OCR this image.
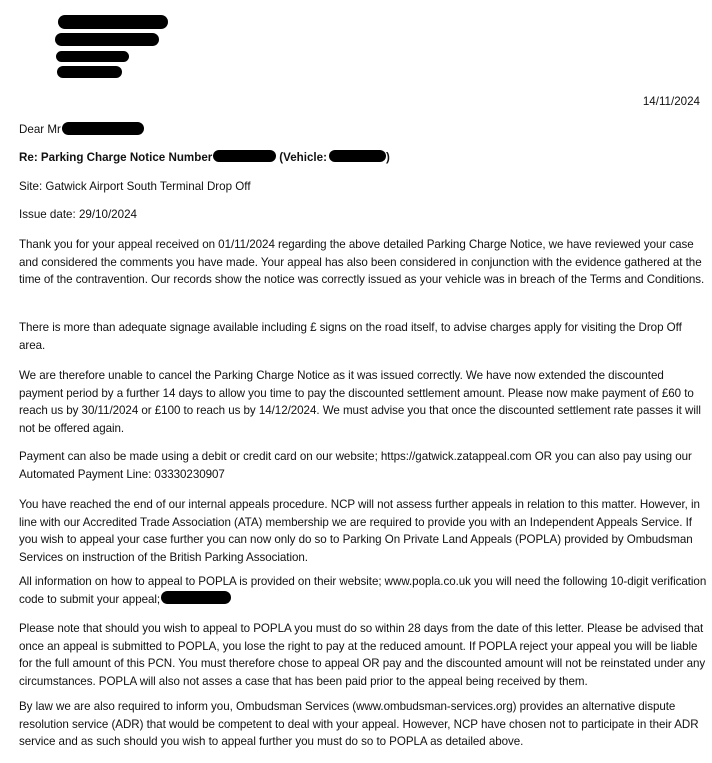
14/11/2024
Dear Mr
Re: Parking Charge Notice Number	(Vehicle:	)
Site: Gatwick Airport South Terminal Drop Off
Issue date: 29/10/2024

Thank you for your appeal received on 01/11/2024 regarding the above detailed Parking Charge Notice, we have reviewed your case and considered the comments you have made. Your appeal has also been considered in conjunction with the evidence gathered at the time of the contravention. Our records show the notice was correctly issued as your vehicle was in breach of the Terms and Conditions.

There is more than adequate signage available including £ signs on the road itself, to advise charges apply for visiting the Drop Off area.

We are therefore unable to cancel the Parking Charge Notice as it was issued correctly. We have now extended the discounted payment period by a further 14 days to allow you time to pay the discounted settlement amount. Please now make payment of £60 to reach us by 30/11/2024 or £100 to reach us by 14/12/2024. We must advise you that once the discounted settlement rate passes it will not be offered again.

Payment can also be made using a debit or credit card on our website; https://gatwick.zatappeal.com OR you can also pay using our Automated Payment Line: 03330230907

You have reached the end of our internal appeals procedure. NCP will not assess further appeals in relation to this matter. However, in line with our Accredited Trade Association (ATA) membership we are required to provide you with an Independent Appeals Service. If you wish to appeal your case further you can now only do so to Parking On Private Land Appeals (POPLA) provided by Ombudsman Services on instruction of the British Parking Association.

All information on how to appeal to POPLA is provided on their website; www.popla.co.uk you will need the following 10-digit verification code to submit your appeal;

Please note that should you wish to appeal to POPLA you must do so within 28 days from the date of this letter. Please be advised that once an appeal is submitted to POPLA, you lose the right to pay at the reduced amount. If POPLA reject your appeal you will be liable for the full amount of this PCN. You must therefore chose to appeal OR pay and the discounted amount will not be reinstated under any circumstances. POPLA will also not asses a case that has been paid prior to the appeal being received by them.

By law we are also required to inform you, Ombudsman Services (www.ombudsman-services.org) provides an alternative dispute resolution service (ADR) that would be competent to deal with your appeal. However, NCP have chosen not to participate in their ADR service and as such should you wish to appeal further you must do so to POPLA as detailed above.
